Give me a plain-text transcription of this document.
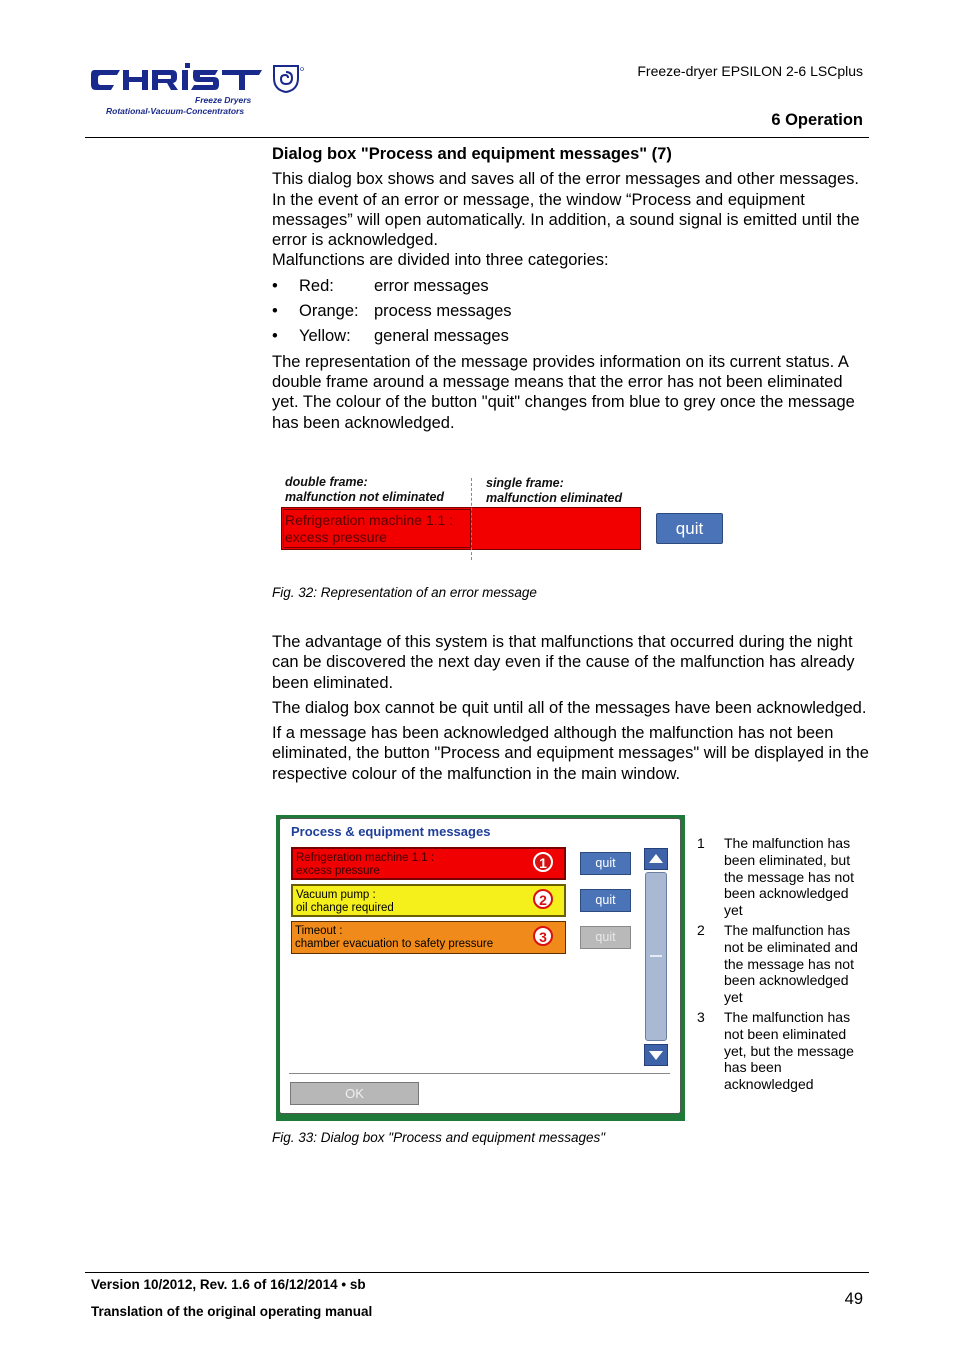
Freeze Dryers
Rotational-Vacuum-Concentrators
Freeze-dryer EPSILON 2-6 LSCplus
6 Operation
Dialog box "Process and equipment messages" (7)
This dialog box shows and saves all of the error messages and other messages. In the event of an error or message, the window “Process and equipment messages” will open automatically. In addition, a sound signal is emitted until the error is acknowledged.
Malfunctions are divided into three categories:
•	Red:	error messages
•	Orange: process messages
•	Yellow:	general messages
The representation of the message provides information on its current status. A double frame around a message means that the error has not been eliminated yet. The colour of the button "quit" changes from blue to grey once the message has been acknowledged.
double frame:
malfunction not eliminated
single frame:
malfunction eliminated
Refrigeration machine 1.1 :
excess pressure	quit
Fig. 32: Representation of an error message
The advantage of this system is that malfunctions that occurred during the night can be discovered the next day even if the cause of the malfunction has already been eliminated.
The dialog box cannot be quit until all of the messages have been acknowledged.
If a message has been acknowledged although the malfunction has not been eliminated, the button "Process and equipment messages" will be displayed in the respective colour of the malfunction in the main window.
Process & equipment messages
Refrigeration machine 1.1 :
excess pressure	1	quit
Vacuum pump :
oil change required	2	quit
Timeout :
chamber evacuation to safety pressure	3	quit
OK
1	The malfunction has been eliminated, but the message has not been acknowledged yet
2	The malfunction has not be eliminated and the message has not been acknowledged yet
3	The malfunction has not been eliminated yet, but the message has been acknowledged
Fig. 33: Dialog box "Process and equipment messages"
Version 10/2012, Rev. 1.6 of 16/12/2014 • sb
Translation of the original operating manual
49
